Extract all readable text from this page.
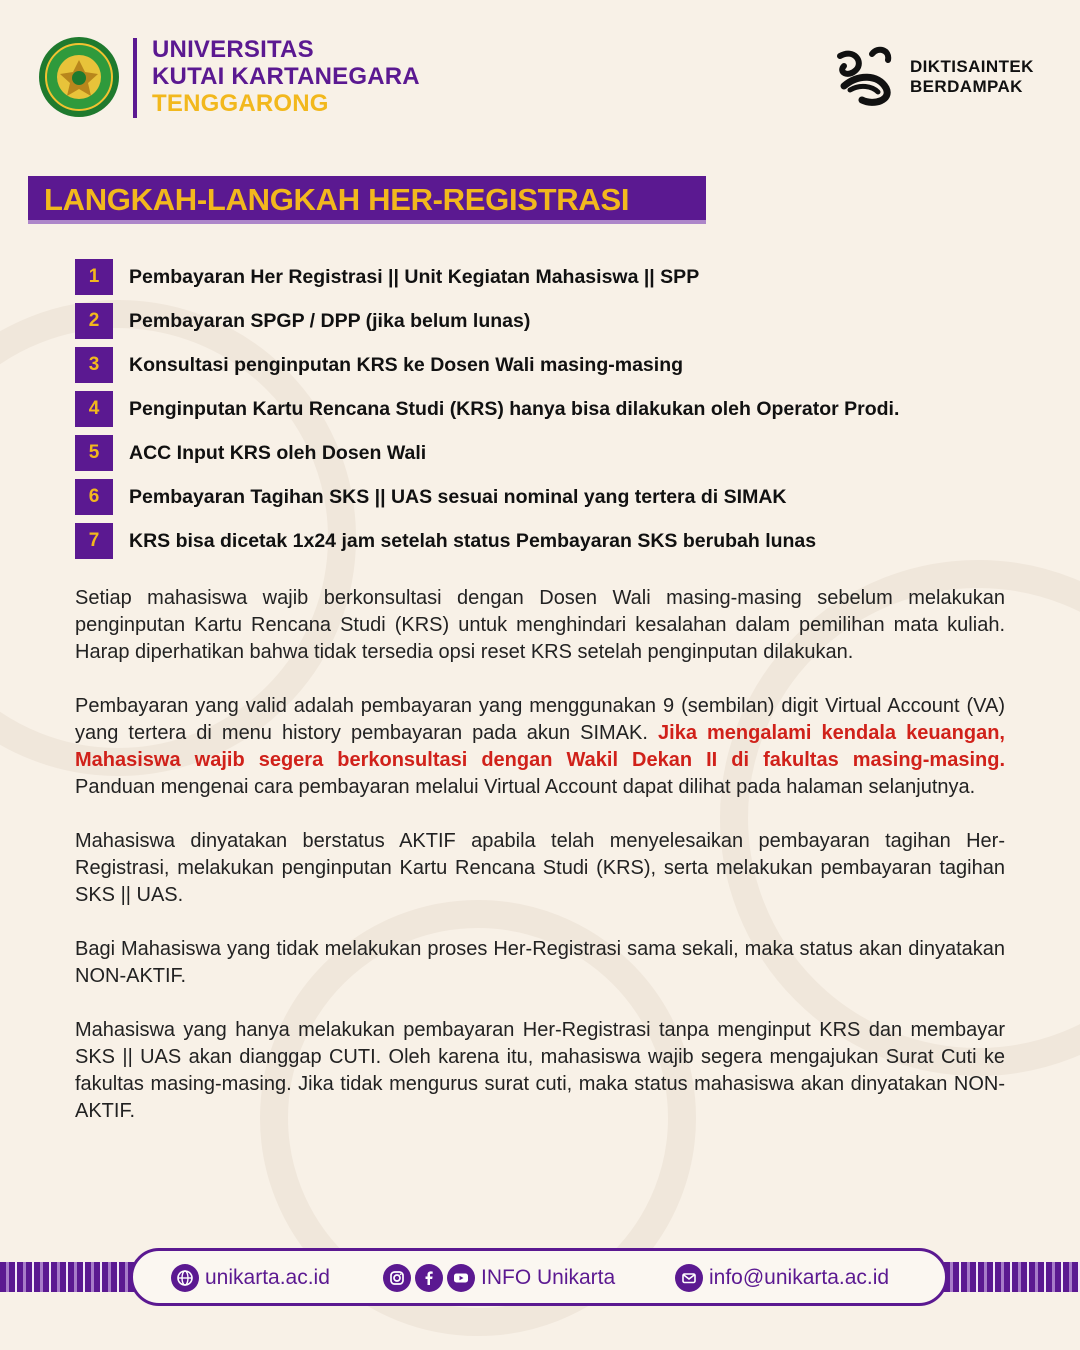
UNIVERSITAS
KUTAI KARTANEGARA
TENGGARONG
DIKTISAINTEK
BERDAMPAK
LANGKAH-LANGKAH HER-REGISTRASI
1	Pembayaran Her Registrasi || Unit Kegiatan Mahasiswa || SPP
2	Pembayaran SPGP / DPP (jika belum lunas)
3	Konsultasi penginputan KRS ke Dosen Wali masing-masing
4	Penginputan Kartu Rencana Studi (KRS) hanya bisa dilakukan oleh Operator Prodi.
5	ACC Input KRS oleh Dosen Wali
6	Pembayaran Tagihan SKS || UAS sesuai nominal yang tertera di SIMAK
7	KRS bisa dicetak 1x24 jam setelah status Pembayaran SKS berubah lunas

Setiap mahasiswa wajib berkonsultasi dengan Dosen Wali masing-masing sebelum melakukan penginputan Kartu Rencana Studi (KRS) untuk menghindari kesalahan dalam pemilihan mata kuliah. Harap diperhatikan bahwa tidak tersedia opsi reset KRS setelah penginputan dilakukan.

Pembayaran yang valid adalah pembayaran yang menggunakan 9 (sembilan) digit Virtual Account (VA) yang tertera di menu history pembayaran pada akun SIMAK. Jika mengalami kendala keuangan, Mahasiswa wajib segera berkonsultasi dengan Wakil Dekan II di fakultas masing-masing. Panduan mengenai cara pembayaran melalui Virtual Account dapat dilihat pada halaman selanjutnya.

Mahasiswa dinyatakan berstatus AKTIF apabila telah menyelesaikan pembayaran tagihan Her-Registrasi, melakukan penginputan Kartu Rencana Studi (KRS), serta melakukan pembayaran tagihan SKS || UAS.

Bagi Mahasiswa yang tidak melakukan proses Her-Registrasi sama sekali, maka status akan dinyatakan NON-AKTIF.

Mahasiswa yang hanya melakukan pembayaran Her-Registrasi tanpa menginput KRS dan membayar SKS || UAS akan dianggap CUTI. Oleh karena itu, mahasiswa wajib segera mengajukan Surat Cuti ke fakultas masing-masing. Jika tidak mengurus surat cuti, maka status mahasiswa akan dinyatakan NON-AKTIF.

unikarta.ac.id	INFO Unikarta	info@unikarta.ac.id
